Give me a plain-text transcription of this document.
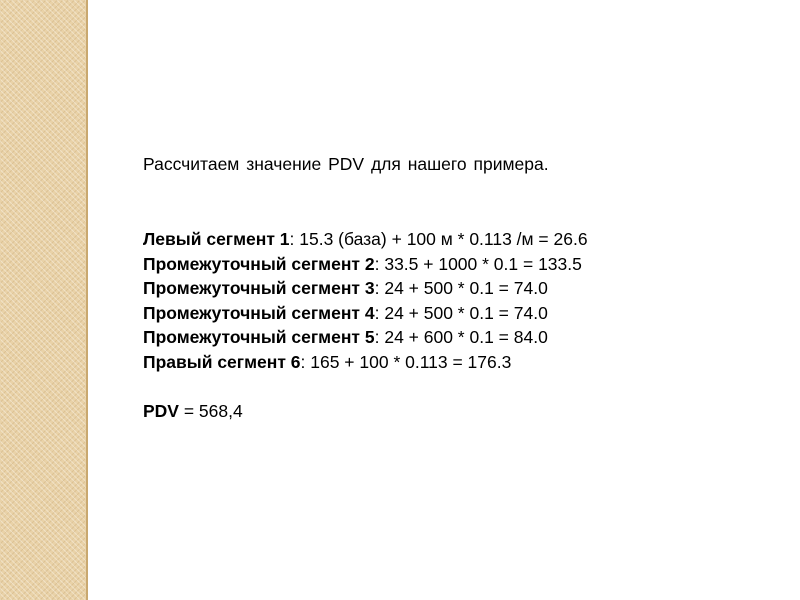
Рассчитаем значение PDV для нашего примера.

Левый сегмент 1: 15.3 (база) + 100 м * 0.113 /м = 26.6
Промежуточный сегмент 2: 33.5 + 1000 * 0.1 = 133.5
Промежуточный сегмент 3: 24 + 500 * 0.1 = 74.0
Промежуточный сегмент 4: 24 + 500 * 0.1 = 74.0
Промежуточный сегмент 5: 24 + 600 * 0.1 = 84.0
Правый сегмент 6: 165 + 100 * 0.113 = 176.3

PDV = 568,4
